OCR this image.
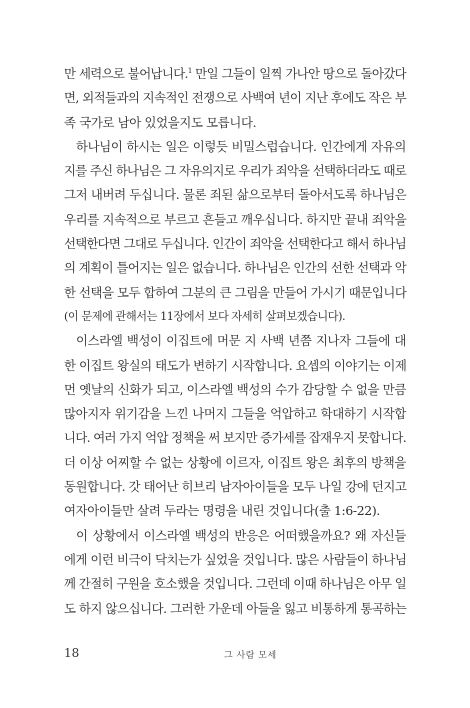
만 세력으로 불어납니다.$^1$ 만일 그들이 일찍 가나안 땅으로 돌아갔다
면, 외적들과의 지속적인 전쟁으로 사백여 년이 지난 후에도 작은 부
족 국가로 남아 있었을지도 모릅니다.
하나님이 하시는 일은 이렇듯 비밀스럽습니다. 인간에게 자유의
지를 주신 하나님은 그 자유의지로 우리가 죄악을 선택하더라도 때로
그저 내버려 두십니다. 물론 죄된 삶으로부터 돌아서도록 하나님은
우리를 지속적으로 부르고 흔들고 깨우십니다. 하지만 끝내 죄악을
선택한다면 그대로 두십니다. 인간이 죄악을 선택한다고 해서 하나님
의 계획이 틀어지는 일은 없습니다. 하나님은 인간의 선한 선택과 악
한 선택을 모두 합하여 그분의 큰 그림을 만들어 가시기 때문입니다
(이 문제에 관해서는 11장에서 보다 자세히 살펴보겠습니다).
이스라엘 백성이 이집트에 머문 지 사백 년쯤 지나자 그들에 대
한 이집트 왕실의 태도가 변하기 시작합니다. 요셉의 이야기는 이제
먼 옛날의 신화가 되고, 이스라엘 백성의 수가 감당할 수 없을 만큼
많아지자 위기감을 느낀 나머지 그들을 억압하고 학대하기 시작합
니다. 여러 가지 억압 정책을 써 보지만 증가세를 잡재우지 못합니다.
더 이상 어찌할 수 없는 상황에 이르자, 이집트 왕은 최후의 방책을
동원합니다. 갓 태어난 히브리 남자아이들을 모두 나일 강에 던지고
여자아이들만 살려 두라는 명령을 내린 것입니다(출 1:6-22).
이 상황에서 이스라엘 백성의 반응은 어떠했을까요? 왜 자신들
에게 이런 비극이 닥치는가 싶었을 것입니다. 많은 사람들이 하나님
께 간절히 구원을 호소했을 것입니다. 그런데 이때 하나님은 아무 일
도 하지 않으십니다. 그러한 가운데 아들을 잃고 비통하게 통곡하는
18	그 사람 모세
